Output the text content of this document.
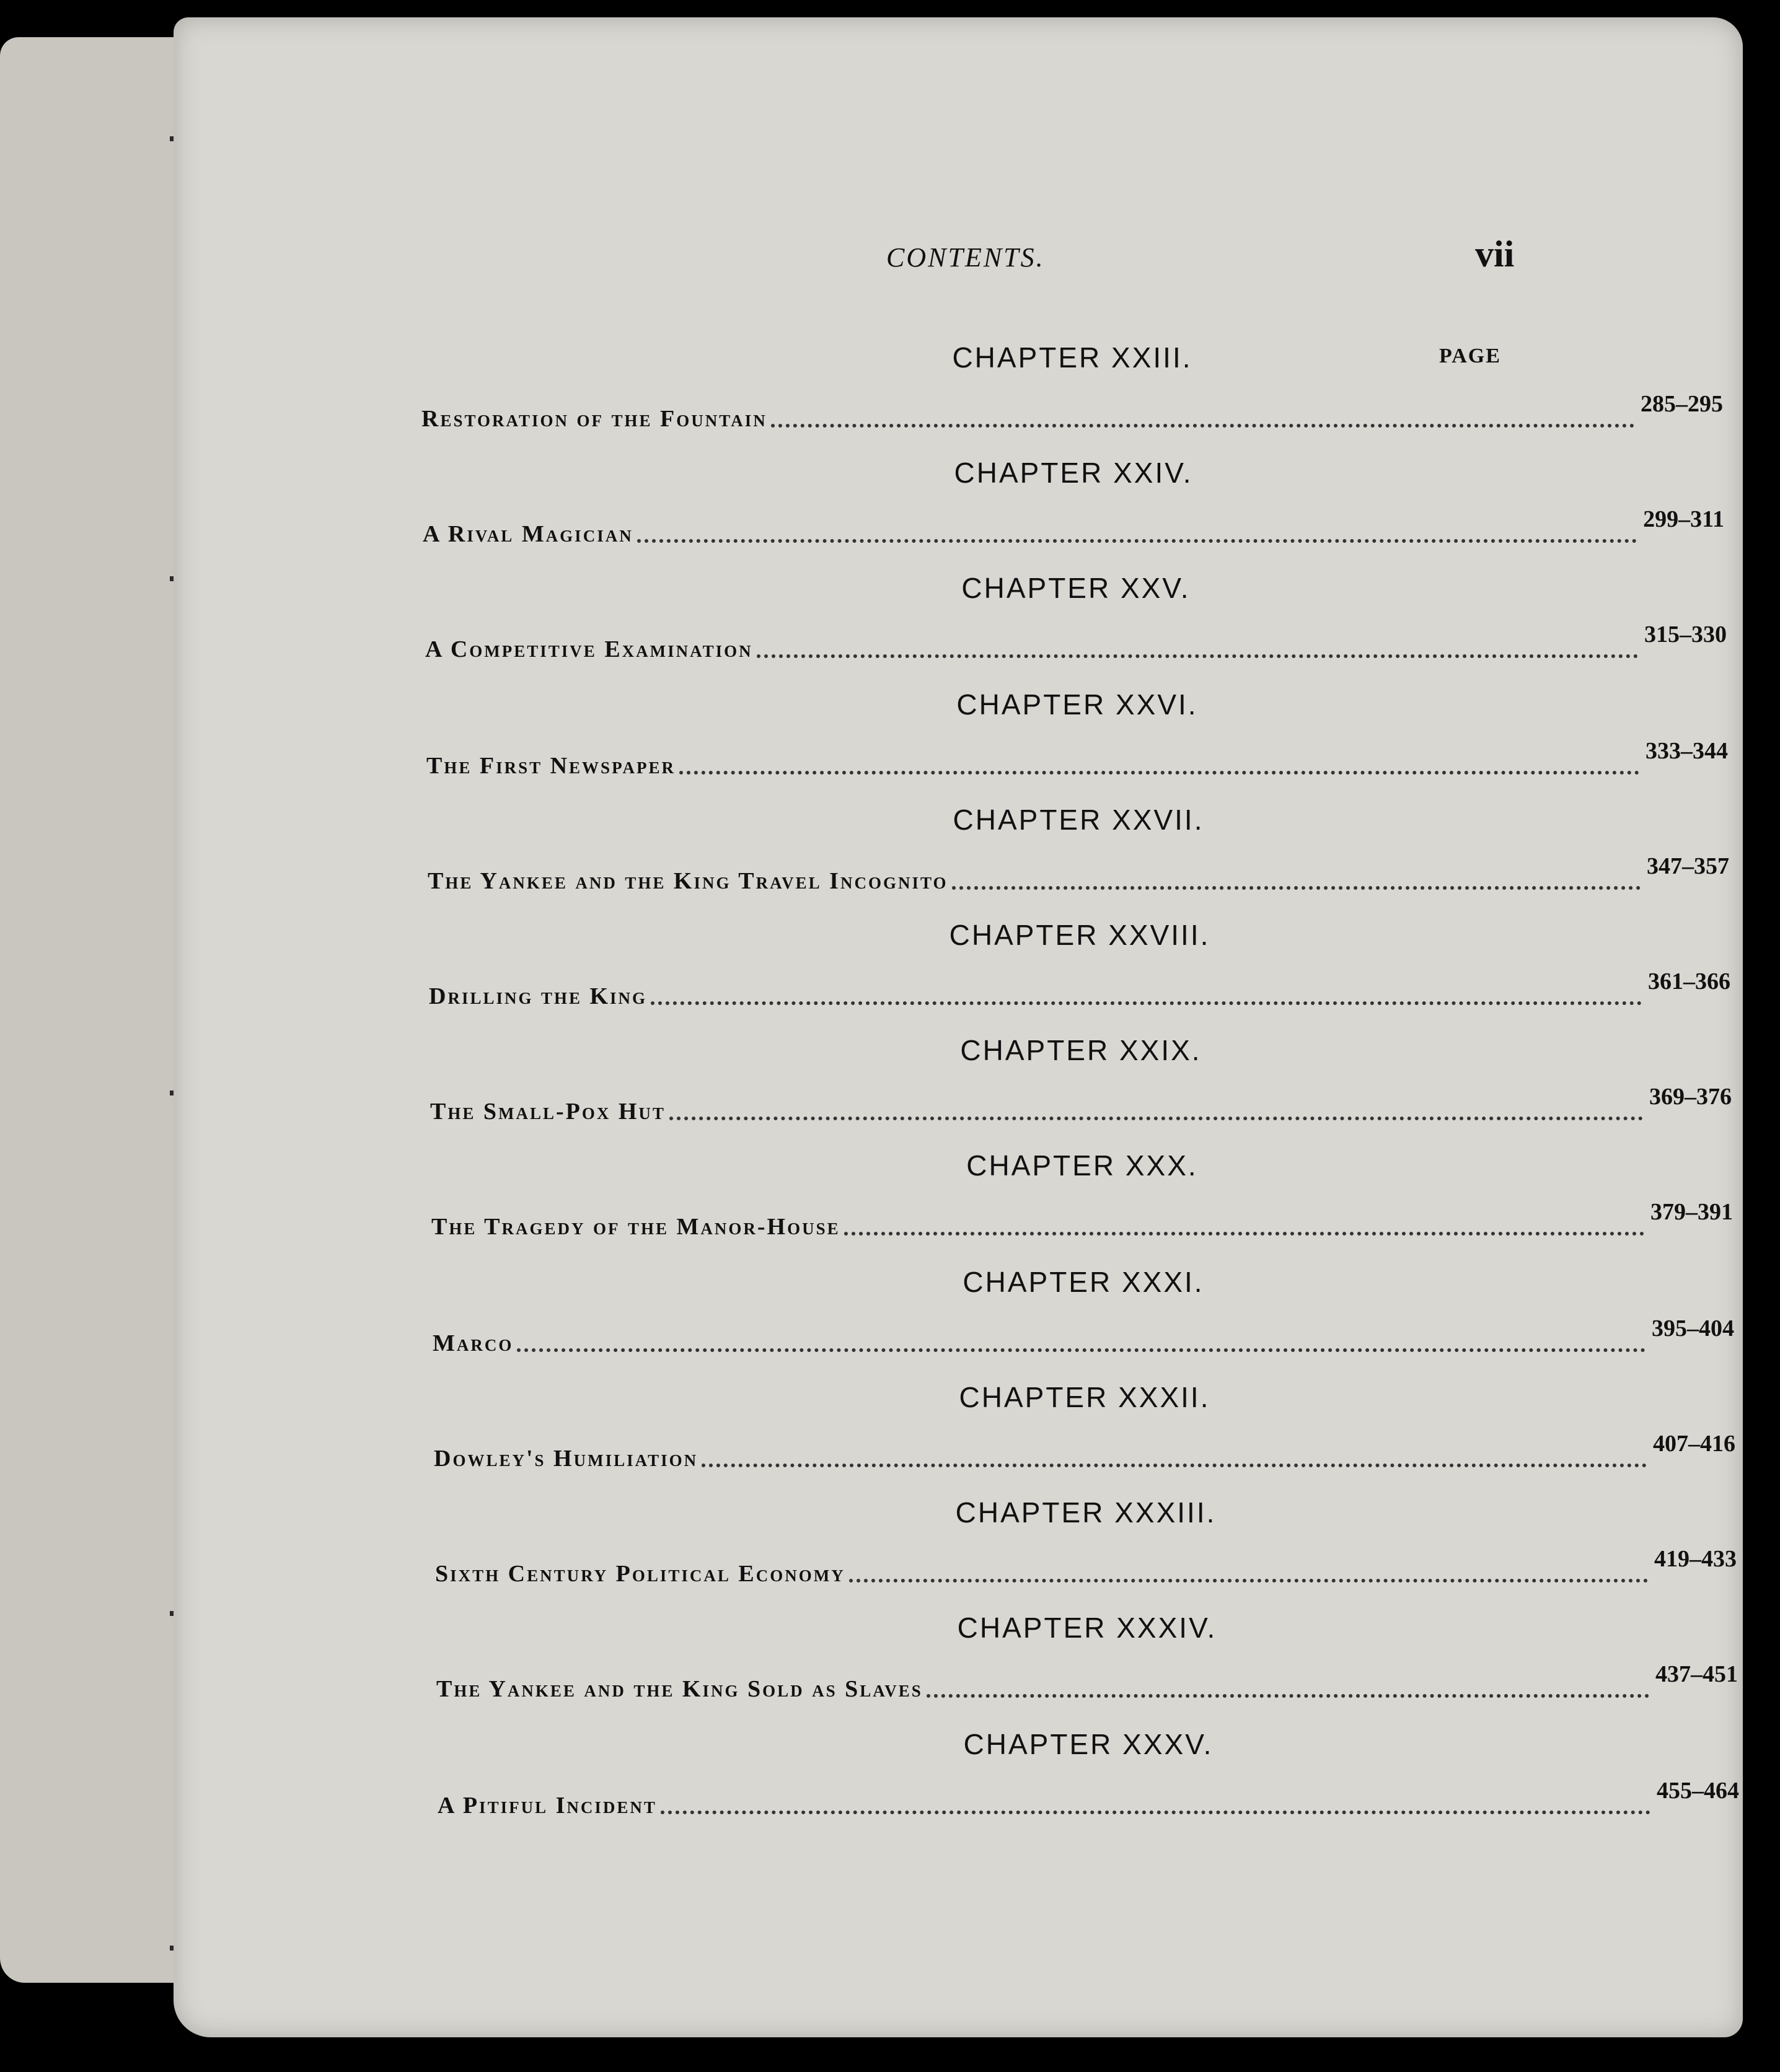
CONTENTS.	vii
PAGE
CHAPTER XXIII.
Restoration of the Fountain
285–295
CHAPTER XXIV.
A Rival Magician
299–311
CHAPTER XXV.
A Competitive Examination
315–330
CHAPTER XXVI.
The First Newspaper
333–344
CHAPTER XXVII.
The Yankee and the King Travel Incognito
347–357
CHAPTER XXVIII.
Drilling the King
361–366
CHAPTER XXIX.
The Small-Pox Hut
369–376
CHAPTER XXX.
The Tragedy of the Manor-House
379–391
CHAPTER XXXI.
Marco
395–404
CHAPTER XXXII.
Dowley's Humiliation
407–416
CHAPTER XXXIII.
Sixth Century Political Economy
419–433
CHAPTER XXXIV.
The Yankee and the King Sold as Slaves
437–451
CHAPTER XXXV.
A Pitiful Incident
455–464
